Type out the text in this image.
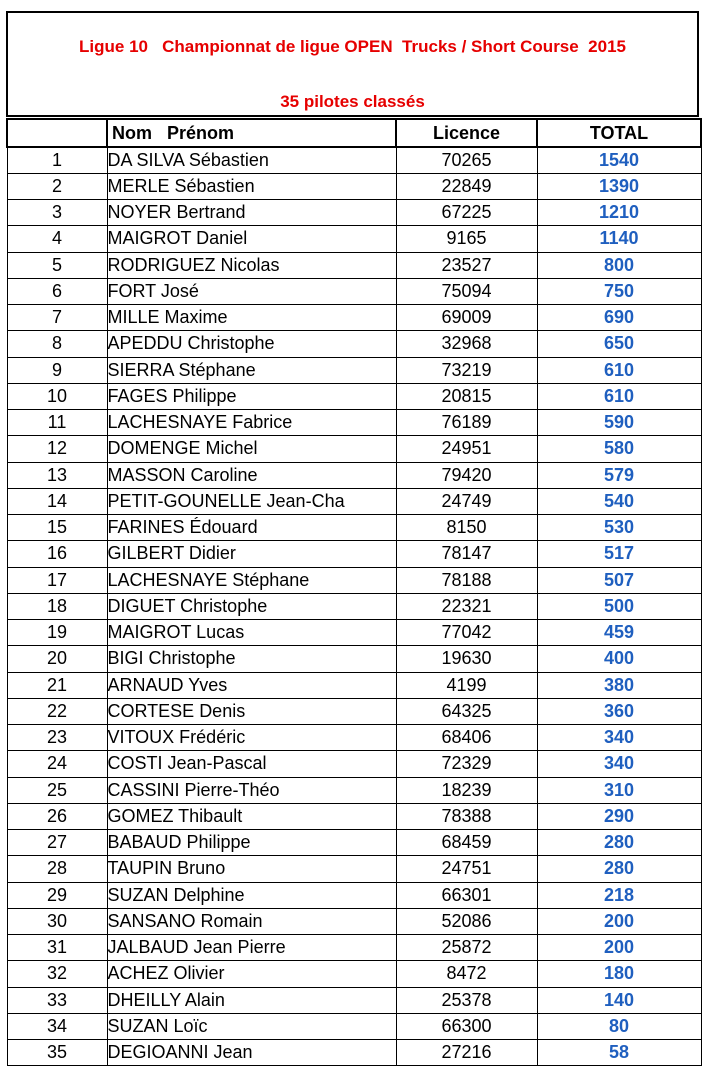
Ligue 10   Championnat de ligue OPEN  Trucks / Short Course  2015
35 pilotes classés
	Nom   Prénom	Licence	TOTAL
1	DA SILVA Sébastien	70265	1540
2	MERLE Sébastien	22849	1390
3	NOYER Bertrand	67225	1210
4	MAIGROT Daniel	9165	1140
5	RODRIGUEZ Nicolas	23527	800
6	FORT José	75094	750
7	MILLE Maxime	69009	690
8	APEDDU Christophe	32968	650
9	SIERRA Stéphane	73219	610
10	FAGES Philippe	20815	610
11	LACHESNAYE Fabrice	76189	590
12	DOMENGE Michel	24951	580
13	MASSON Caroline	79420	579
14	PETIT-GOUNELLE Jean-Cha	24749	540
15	FARINES Édouard	8150	530
16	GILBERT Didier	78147	517
17	LACHESNAYE Stéphane	78188	507
18	DIGUET Christophe	22321	500
19	MAIGROT Lucas	77042	459
20	BIGI Christophe	19630	400
21	ARNAUD Yves	4199	380
22	CORTESE Denis	64325	360
23	VITOUX Frédéric	68406	340
24	COSTI Jean-Pascal	72329	340
25	CASSINI Pierre-Théo	18239	310
26	GOMEZ Thibault	78388	290
27	BABAUD Philippe	68459	280
28	TAUPIN Bruno	24751	280
29	SUZAN Delphine	66301	218
30	SANSANO Romain	52086	200
31	JALBAUD Jean Pierre	25872	200
32	ACHEZ Olivier	8472	180
33	DHEILLY Alain	25378	140
34	SUZAN Loïc	66300	80
35	DEGIOANNI Jean	27216	58
